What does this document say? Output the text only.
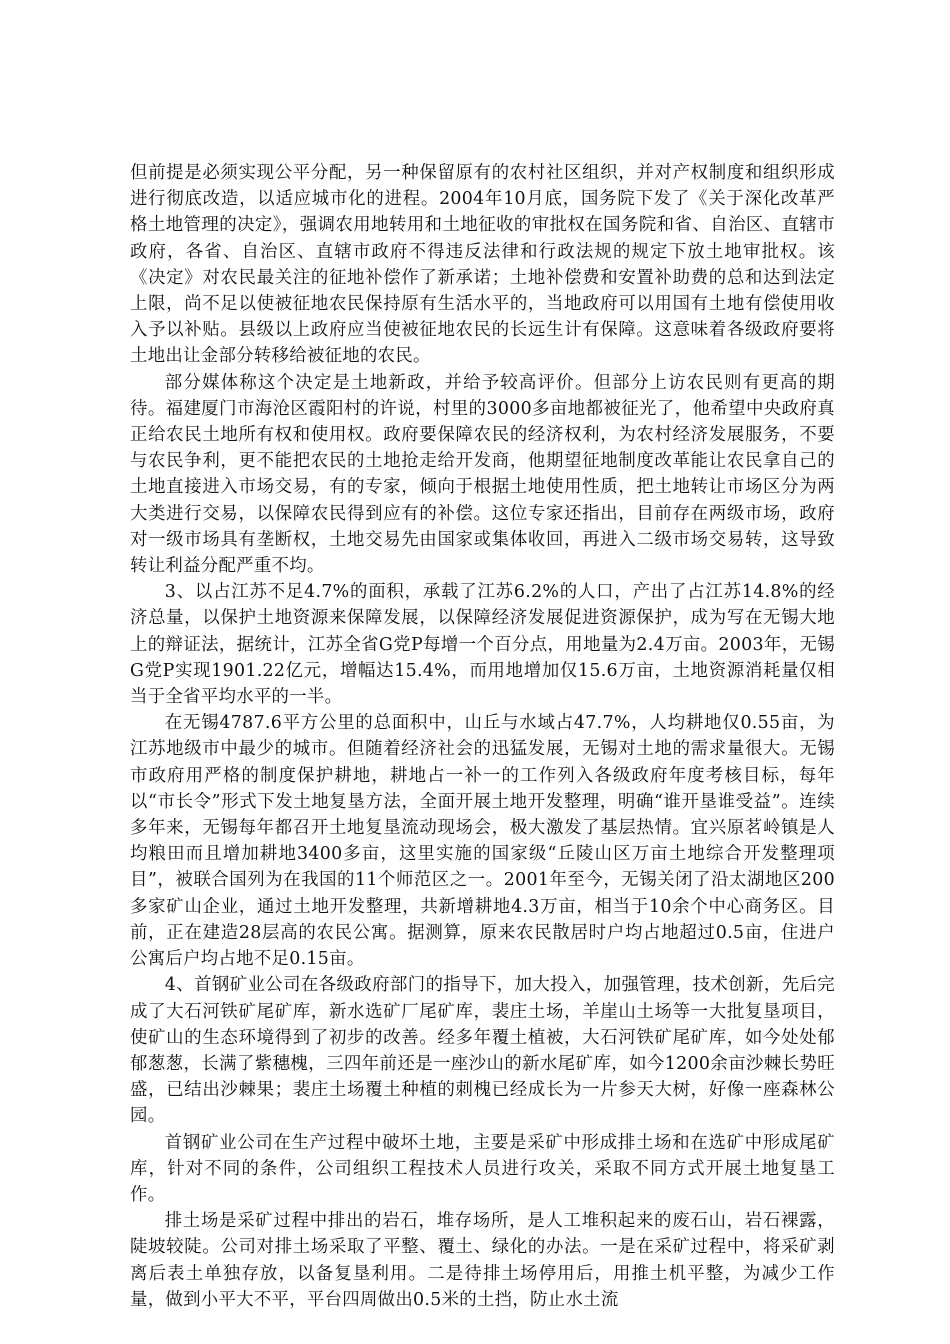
但前提是必须实现公平分配，另一种保留原有的农村社区组织，并对产权制度和组织形成进行彻底改造，以适应城市化的进程。2004年10月底，国务院下发了《关于深化改革严格土地管理的决定》，强调农用地转用和土地征收的审批权在国务院和省、自治区、直辖市政府，各省、自治区、直辖市政府不得违反法律和行政法规的规定下放土地审批权。该《决定》对农民最关注的征地补偿作了新承诺；土地补偿费和安置补助费的总和达到法定上限，尚不足以使被征地农民保持原有生活水平的，当地政府可以用国有土地有偿使用收入予以补贴。县级以上政府应当使被征地农民的长远生计有保障。这意味着各级政府要将土地出让金部分转移给被征地的农民。

部分媒体称这个决定是土地新政，并给予较高评价。但部分上访农民则有更高的期待。福建厦门市海沧区霞阳村的许说，村里的3000多亩地都被征光了，他希望中央政府真正给农民土地所有权和使用权。政府要保障农民的经济权利，为农村经济发展服务，不要与农民争利，更不能把农民的土地抢走给开发商，他期望征地制度改革能让农民拿自己的土地直接进入市场交易，有的专家，倾向于根据土地使用性质，把土地转让市场区分为两大类进行交易，以保障农民得到应有的补偿。这位专家还指出，目前存在两级市场，政府对一级市场具有垄断权，土地交易先由国家或集体收回，再进入二级市场交易转，这导致转让利益分配严重不均。

3、以占江苏不足4.7%的面积，承载了江苏6.2%的人口，产出了占江苏14.8%的经济总量，以保护土地资源来保障发展，以保障经济发展促进资源保护，成为写在无锡大地上的辩证法，据统计，江苏全省G党P每增一个百分点，用地量为2.4万亩。2003年，无锡G党P实现1901.22亿元，增幅达15.4%，而用地增加仅15.6万亩，土地资源消耗量仅相当于全省平均水平的一半。

在无锡4787.6平方公里的总面积中，山丘与水域占47.7%，人均耕地仅0.55亩，为江苏地级市中最少的城市。但随着经济社会的迅猛发展，无锡对土地的需求量很大。无锡市政府用严格的制度保护耕地，耕地占一补一的工作列入各级政府年度考核目标，每年以“市长令”形式下发土地复垦方法，全面开展土地开发整理，明确“谁开垦谁受益”。连续多年来，无锡每年都召开土地复垦流动现场会，极大激发了基层热情。宜兴原茗岭镇是人均粮田而且增加耕地3400多亩，这里实施的国家级“丘陵山区万亩土地综合开发整理项目”，被联合国列为在我国的11个师范区之一。2001年至今，无锡关闭了沿太湖地区200多家矿山企业，通过土地开发整理，共新增耕地4.3万亩，相当于10余个中心商务区。目前，正在建造28层高的农民公寓。据测算，原来农民散居时户均占地超过0.5亩，住进户公寓后户均占地不足0.15亩。

4、首钢矿业公司在各级政府部门的指导下，加大投入，加强管理，技术创新，先后完成了大石河铁矿尾矿库，新水选矿厂尾矿库，裴庄土场，羊崖山土场等一大批复垦项目，使矿山的生态环境得到了初步的改善。经多年覆土植被，大石河铁矿尾矿库，如今处处郁郁葱葱，长满了紫穗槐，三四年前还是一座沙山的新水尾矿库，如今1200余亩沙棘长势旺盛，已结出沙棘果；裴庄土场覆土种植的刺槐已经成长为一片参天大树，好像一座森林公园。

首钢矿业公司在生产过程中破坏土地，主要是采矿中形成排土场和在选矿中形成尾矿库，针对不同的条件，公司组织工程技术人员进行攻关，采取不同方式开展土地复垦工作。

排土场是采矿过程中排出的岩石，堆存场所，是人工堆积起来的废石山，岩石裸露，陡坡较陡。公司对排土场采取了平整、覆土、绿化的办法。一是在采矿过程中，将采矿剥离后表土单独存放，以备复垦利用。二是待排土场停用后，用推土机平整，为减少工作量，做到小平大不平，平台四周做出0.5米的土挡，防止水土流
